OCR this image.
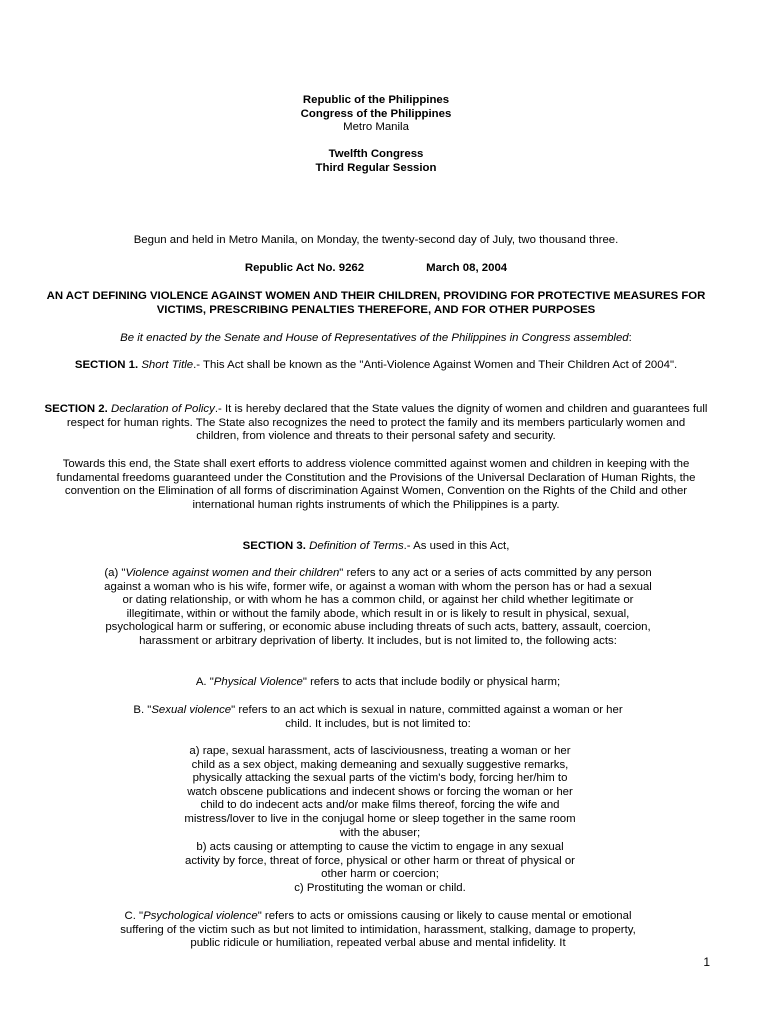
Republic of the Philippines
Congress of the Philippines
Metro Manila
Twelfth Congress
Third Regular Session

Begun and held in Metro Manila, on Monday, the twenty-second day of July, two thousand three.

Republic Act No. 9262	March 08, 2004

AN ACT DEFINING VIOLENCE AGAINST WOMEN AND THEIR CHILDREN, PROVIDING FOR PROTECTIVE MEASURES FOR VICTIMS, PRESCRIBING PENALTIES THEREFORE, AND FOR OTHER PURPOSES

Be it enacted by the Senate and House of Representatives of the Philippines in Congress assembled:

SECTION 1. Short Title.- This Act shall be known as the "Anti-Violence Against Women and Their Children Act of 2004".

SECTION 2. Declaration of Policy.- It is hereby declared that the State values the dignity of women and children and guarantees full respect for human rights. The State also recognizes the need to protect the family and its members particularly women and children, from violence and threats to their personal safety and security.

Towards this end, the State shall exert efforts to address violence committed against women and children in keeping with the fundamental freedoms guaranteed under the Constitution and the Provisions of the Universal Declaration of Human Rights, the convention on the Elimination of all forms of discrimination Against Women, Convention on the Rights of the Child and other international human rights instruments of which the Philippines is a party.

SECTION 3. Definition of Terms.- As used in this Act,

(a) "Violence against women and their children" refers to any act or a series of acts committed by any person against a woman who is his wife, former wife, or against a woman with whom the person has or had a sexual or dating relationship, or with whom he has a common child, or against her child whether legitimate or illegitimate, within or without the family abode, which result in or is likely to result in physical, sexual, psychological harm or suffering, or economic abuse including threats of such acts, battery, assault, coercion, harassment or arbitrary deprivation of liberty. It includes, but is not limited to, the following acts:

A. "Physical Violence" refers to acts that include bodily or physical harm;

B. "Sexual violence" refers to an act which is sexual in nature, committed against a woman or her child. It includes, but is not limited to:

a) rape, sexual harassment, acts of lasciviousness, treating a woman or her child as a sex object, making demeaning and sexually suggestive remarks, physically attacking the sexual parts of the victim's body, forcing her/him to watch obscene publications and indecent shows or forcing the woman or her child to do indecent acts and/or make films thereof, forcing the wife and mistress/lover to live in the conjugal home or sleep together in the same room with the abuser;

b) acts causing or attempting to cause the victim to engage in any sexual activity by force, threat of force, physical or other harm or threat of physical or other harm or coercion;

c) Prostituting the woman or child.

C. "Psychological violence" refers to acts or omissions causing or likely to cause mental or emotional suffering of the victim such as but not limited to intimidation, harassment, stalking, damage to property, public ridicule or humiliation, repeated verbal abuse and mental infidelity. It

1
